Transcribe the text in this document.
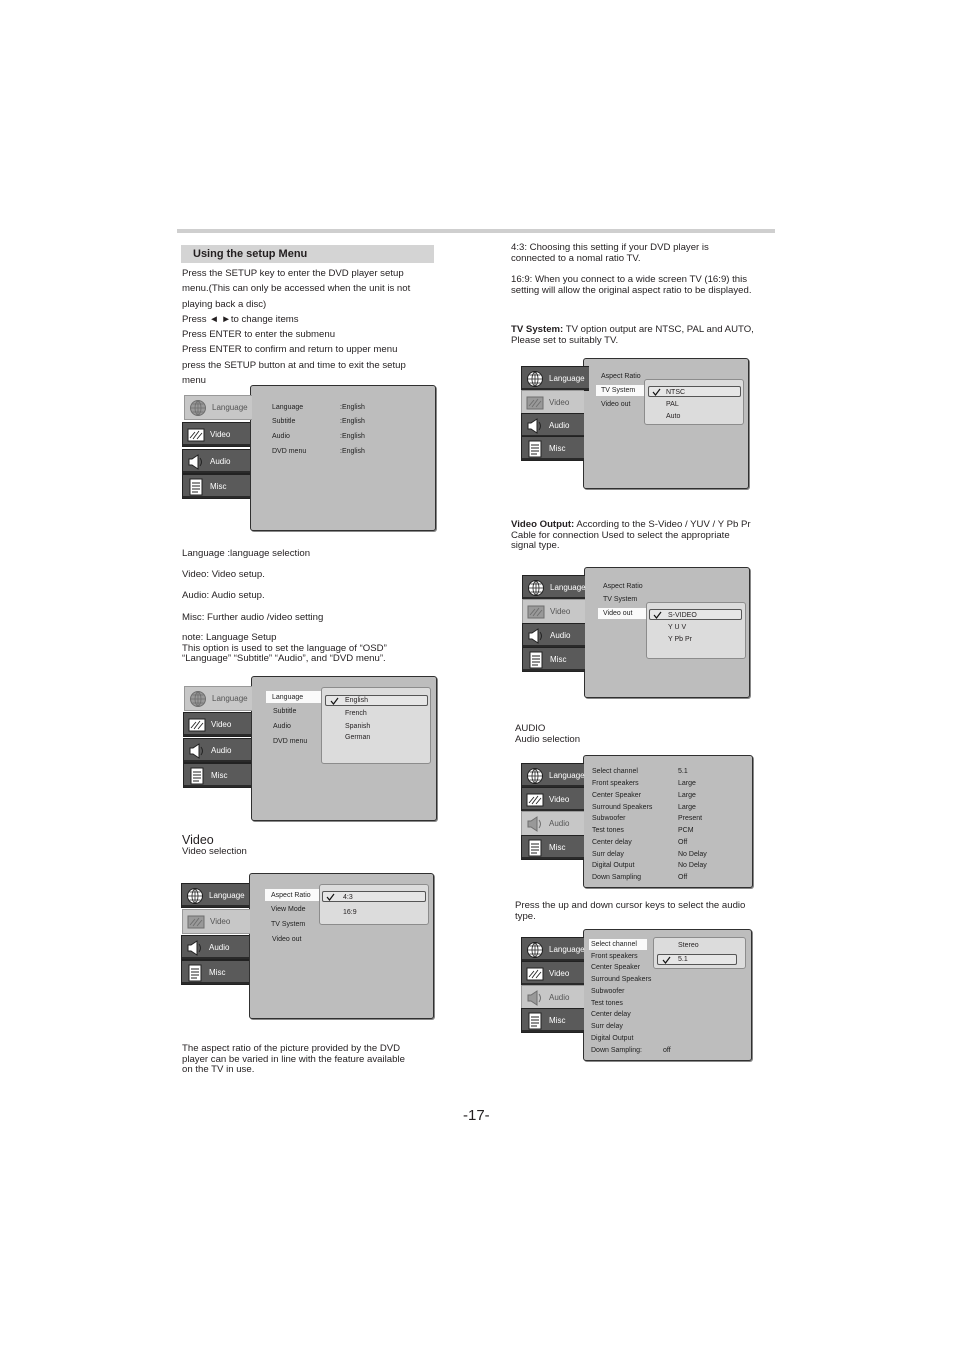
Using the setup Menu
Press the SETUP key to enter the DVD player setup
menu.(This can only be accessed when the unit is not
playing back a disc)
Press ◄ ►to change items
Press ENTER to enter the submenu
Press ENTER to confirm and return to upper menu
press the SETUP button at and time to exit the setup
menu
Language
Video
Audio
Misc
Language
Subtitle
Audio
DVD menu
:English
:English
:English
:English
Language :language selection
Video: Video setup.
Audio: Audio setup.
Misc: Further audio /video setting
note: Language Setup
This option is used to set the language of “OSD”
“Language” “Subtitle” “Audio”, and “DVD menu”.
Language
Video
Audio
Misc
Language
Subtitle
Audio
DVD menu
English
French
Spanish
German
Video
Video selection
Language
Video
Audio
Misc
Aspect Ratio
View Mode
TV System
Video out
4:3
16:9
The aspect ratio of the picture provided by the DVD
player can be varied in line with the feature available
on the TV in use.
4:3: Choosing this setting if your DVD player is
connected to a nomal ratio TV.
16:9: When you connect to a wide screen TV (16:9) this
setting will allow the original aspect ratio to be displayed.
TV System: TV option output are NTSC, PAL and AUTO,
Please set to suitably TV.
Language
Video
Audio
Misc
Aspect Ratio
TV System
Video out
NTSC
PAL
Auto
Video Output: According to the S-Video / YUV / Y Pb Pr
Cable for connection Used to select the appropriate
signal type.
Language
Video
Audio
Misc
Aspect Ratio
TV System
Video out	S-VIDEO
Y U V
Y Pb Pr
AUDIO
Audio selection
Language
Video
Audio
Misc
Select channel
Front speakers
Center Speaker
Surround Speakers
Subwoofer
Test tones
Center delay
Surr delay
Digital Output
Down Sampling
5.1
Large
Large
Large
Present
PCM
Off
No Delay
No Delay
Off
Press the up and down cursor keys to select the audio
type.
Language
Video
Audio
Misc
Select channel
Front speakers
Center Speaker
Surround Speakers
Subwoofer
Test tones
Center delay
Surr delay
Digital Output
Down Sampling:	off
Stereo
5.1
-17-
